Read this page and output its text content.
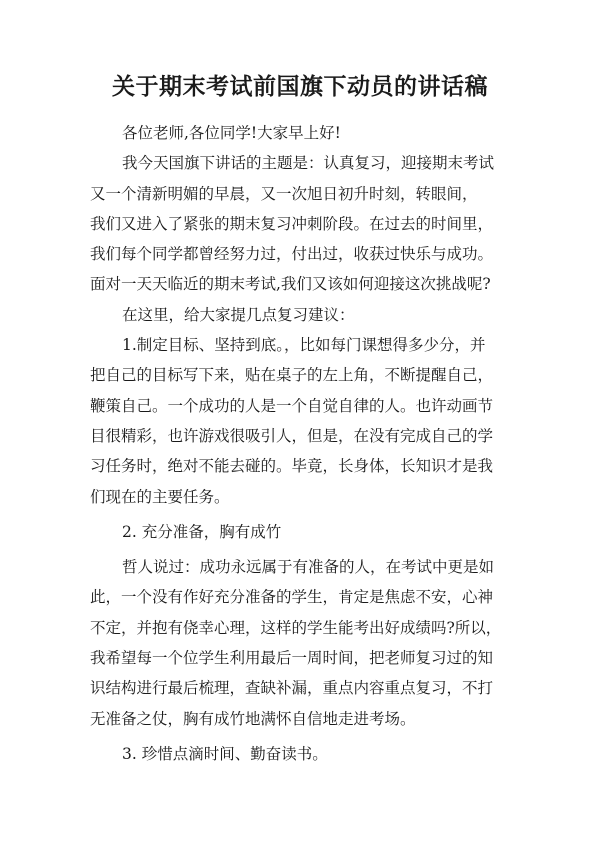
关于期末考试前国旗下动员的讲话稿
各位老师,各位同学!大家早上好!
我今天国旗下讲话的主题是：认真复习，迎接期末考试
又一个清新明媚的早晨，又一次旭日初升时刻，转眼间，
我们又进入了紧张的期末复习冲刺阶段。在过去的时间里，
我们每个同学都曾经努力过，付出过，收获过快乐与成功。
面对一天天临近的期末考试,我们又该如何迎接这次挑战呢?
在这里，给大家提几点复习建议：
1.制定目标、坚持到底。，比如每门课想得多少分，并
把自己的目标写下来，贴在桌子的左上角，不断提醒自己，
鞭策自己。一个成功的人是一个自觉自律的人。也许动画节
目很精彩，也许游戏很吸引人，但是，在没有完成自己的学
习任务时，绝对不能去碰的。毕竟，长身体，长知识才是我
们现在的主要任务。
2. 充分准备，胸有成竹
哲人说过：成功永远属于有准备的人，在考试中更是如
此，一个没有作好充分准备的学生，肯定是焦虑不安，心神
不定，并抱有侥幸心理，这样的学生能考出好成绩吗?所以，
我希望每一个位学生利用最后一周时间，把老师复习过的知
识结构进行最后梳理，查缺补漏，重点内容重点复习，不打
无准备之仗，胸有成竹地满怀自信地走进考场。
3. 珍惜点滴时间、勤奋读书。
